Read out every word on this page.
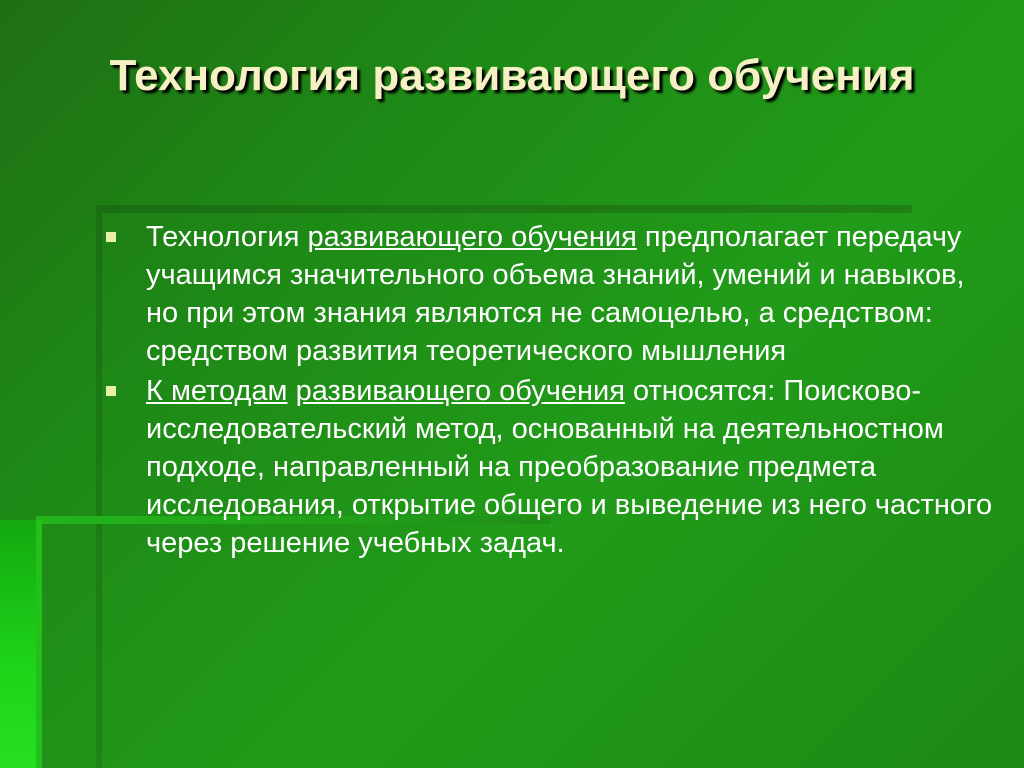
Технология развивающего обучения

Технология развивающего обучения предполагает передачу учащимся значительного объема знаний, умений и навыков, но при этом знания являются не самоцелью, а средством: средством развития теоретического мышления

К методам развивающего обучения относятся: Поисково-исследовательский метод, основанный на деятельностном подходе, направленный на преобразование предмета исследования, открытие общего и выведение из него частного через решение учебных задач.
